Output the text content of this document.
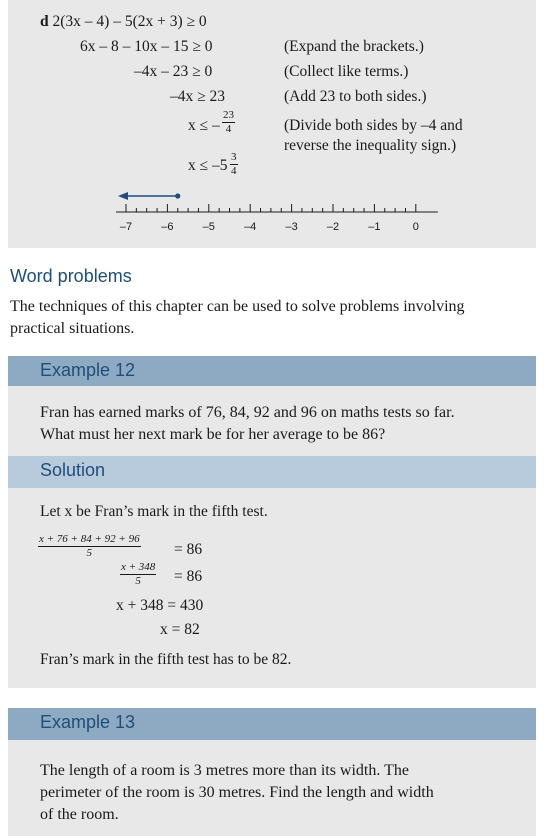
d 2(3x – 4) – 5(2x + 3) ≥ 0
6x – 8 – 10x – 15 ≥ 0	(Expand the brackets.)
–4x – 23 ≥ 0	(Collect like terms.)
–4x ≥ 23	(Add 23 to both sides.)
x ≤ – $\frac{23}{4}$	(Divide both sides by –4 and
reverse the inequality sign.)
$x \le -5 \frac{3}{4}$
–7	–6	–5	–4	–3	–2	–1	0
Word problems
The techniques of this chapter can be used to solve problems involving
practical situations.
Example 12
Fran has earned marks of 76, 84, 92 and 96 on maths tests so far.
What must her next mark be for her average to be 86?
Solution
Let x be Fran’s mark in the fifth test.
$\frac{x + 76 + 84 + 92 + 96}{5} = 86$
$\frac{x + 348}{5} = 86$
x + 348 = 430
x = 82
Fran’s mark in the fifth test has to be 82.
Example 13
The length of a room is 3 metres more than its width. The
perimeter of the room is 30 metres. Find the length and width
of the room.
